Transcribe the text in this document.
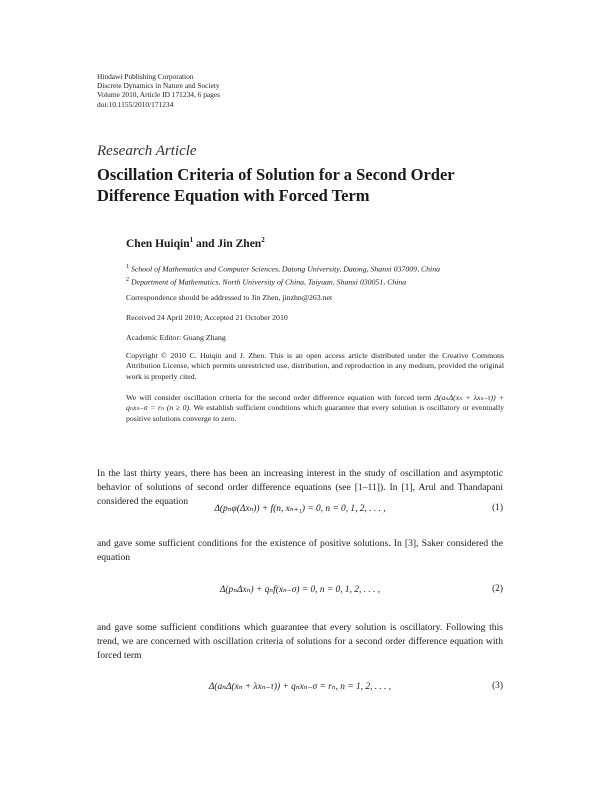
Hindawi Publishing Corporation
Discrete Dynamics in Nature and Society
Volume 2010, Article ID 171234, 6 pages
doi:10.1155/2010/171234
Research Article
Oscillation Criteria of Solution for a Second Order Difference Equation with Forced Term
Chen Huiqin$^1$ and Jin Zhen$^2$
$^1$ School of Mathematics and Computer Sciences, Datong University, Datong, Shanxi 037009, China
$^2$ Department of Mathematics, North University of China, Taiyuan, Shanxi 030051, China
Correspondence should be addressed to Jin Zhen, jinzhn@263.net
Received 24 April 2010; Accepted 21 October 2010
Academic Editor: Guang Zhang
Copyright © 2010 C. Huiqin and J. Zhen. This is an open access article distributed under the Creative Commons Attribution License, which permits unrestricted use, distribution, and reproduction in any medium, provided the original work is properly cited.
We will consider oscillation criteria for the second order difference equation with forced term Δ(aₙΔ(xₙ + λxₙ₋τ)) + qₙxₙ₋σ = rₙ (n ≥ 0). We establish sufficient conditions which guarantee that every solution is oscillatory or eventually positive solutions converge to zero.
In the last thirty years, there has been an increasing interest in the study of oscillation and asymptotic behavior of solutions of second order difference equations (see [1–11]). In [1], Arul and Thandapani considered the equation
Δ(pₙφ(Δxₙ)) + f(n, xₙ₊₁) = 0, n = 0, 1, 2, . . . ,	(1)
and gave some sufficient conditions for the existence of positive solutions. In [3], Saker considered the equation
Δ(pₙΔxₙ) + qₙf(xₙ₋σ) = 0, n = 0, 1, 2, . . . ,	(2)
and gave some sufficient conditions which guarantee that every solution is oscillatory. Following this trend, we are concerned with oscillation criteria of solutions for a second order difference equation with forced term
Δ(aₙΔ(xₙ + λxₙ₋τ)) + qₙxₙ₋σ = rₙ, n = 1, 2, . . . ,	(3)
